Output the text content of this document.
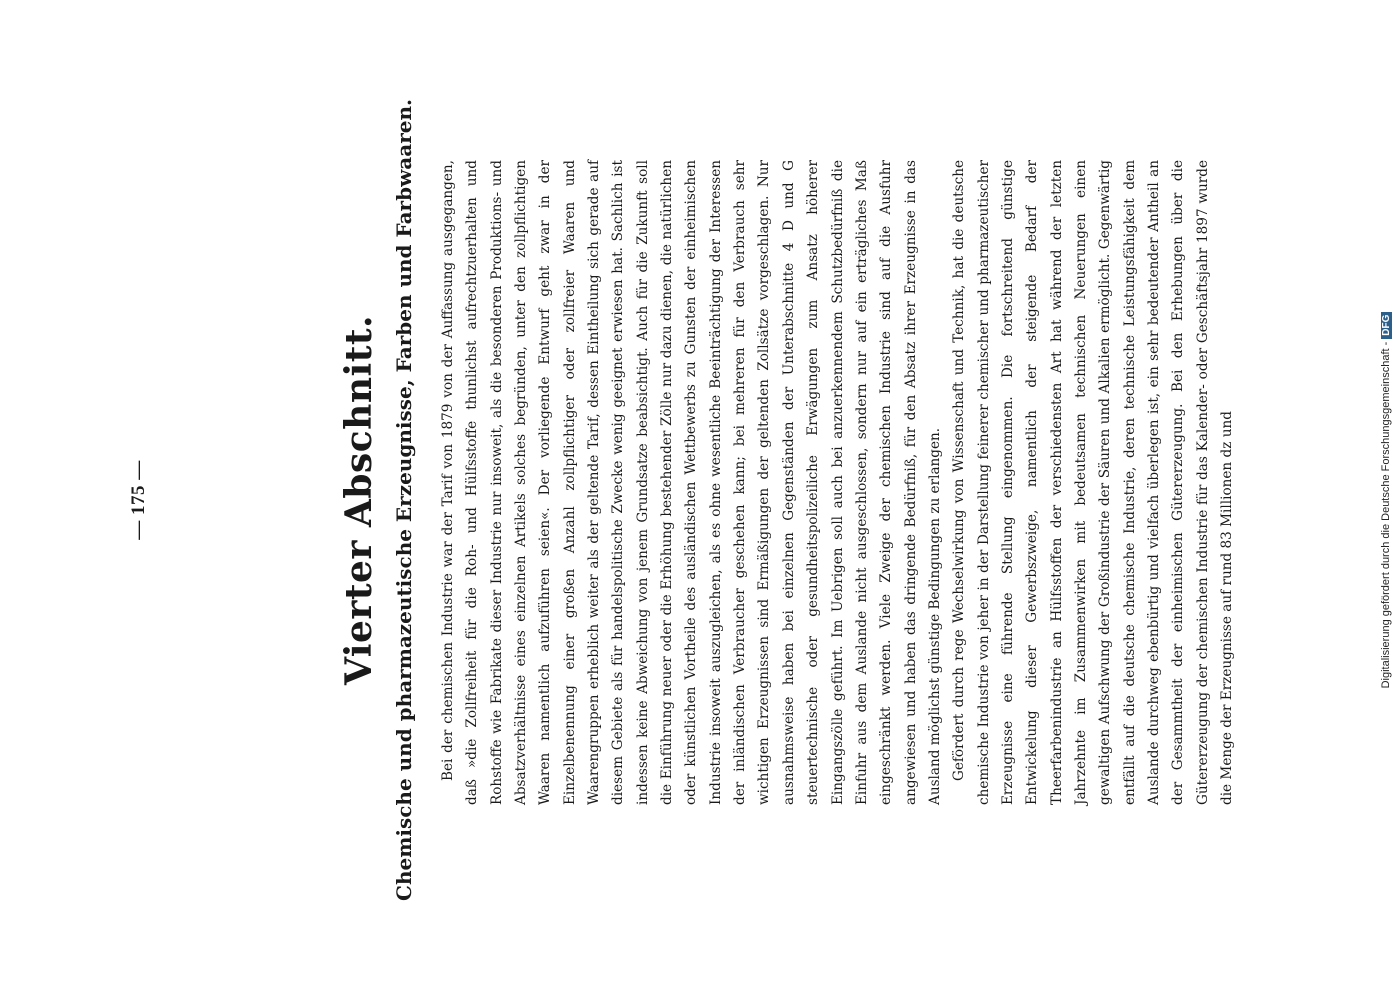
— 175 —	Vierter Abschnitt. Chemische und pharmazeutische Erzeugnisse, Farben und Farbwaaren. Bei der chemischen Industrie war der Tarif von 1879 von der Auffassung ausgegangen, daß »die Zollfreiheit für die Roh- und Hülfsstoffe thunlichst aufrechtzuerhalten und Rohstoffe wie Fabrikate dieser Industrie nur insoweit, als die besonderen Produktions- und Absatzverhältnisse eines einzelnen Artikels solches begründen, unter den zollpflichtigen Waaren namentlich aufzuführen seien«. Der vorliegende Entwurf geht zwar in der Einzelbenennung einer großen Anzahl zollpflichtiger oder zollfreier Waaren und Waarengruppen erheblich weiter als der geltende Tarif, dessen Eintheilung sich gerade auf diesem Gebiete als für handelspolitische Zwecke wenig geeignet erwiesen hat. Sachlich ist indessen keine Abweichung von jenem Grundsatze beabsichtigt. Auch für die Zukunft soll die Einführung neuer oder die Erhöhung bestehender Zölle nur dazu dienen, die natürlichen oder künstlichen Vortheile des ausländischen Wettbewerbs zu Gunsten der einheimischen Industrie insoweit auszugleichen, als es ohne wesentliche Beeinträchtigung der Interessen der inländischen Verbraucher geschehen kann; bei mehreren für den Verbrauch sehr wichtigen Erzeugnissen sind Ermäßigungen der geltenden Zollsätze vorgeschlagen. Nur ausnahmsweise haben bei einzelnen Gegenständen der Unterabschnitte 4 D und G steuertechnische oder gesundheitspolizeiliche Erwägungen zum Ansatz höherer Eingangszölle geführt. Im Uebrigen soll auch bei anzuerkennendem Schutzbedürfniß die Einfuhr aus dem Auslande nicht ausgeschlossen, sondern nur auf ein erträgliches Maß eingeschränkt werden. Viele Zweige der chemischen Industrie sind auf die Ausfuhr angewiesen und haben das dringende Bedürfniß, für den Absatz ihrer Erzeugnisse in das Ausland möglichst günstige Bedingungen zu erlangen. Gefördert durch rege Wechselwirkung von Wissenschaft und Technik, hat die deutsche chemische Industrie von jeher in der Darstellung feinerer chemischer und pharmazeutischer Erzeugnisse eine führende Stellung eingenommen. Die fortschreitend günstige Entwickelung dieser Gewerbszweige, namentlich der steigende Bedarf der Theerfarbenindustrie an Hülfsstoffen der verschiedensten Art hat während der letzten Jahrzehnte im Zusammenwirken mit bedeutsamen technischen Neuerungen einen gewaltigen Aufschwung der Großindustrie der Säuren und Alkalien ermöglicht. Gegenwärtig entfällt auf die deutsche chemische Industrie, deren technische Leistungsfähigkeit dem Auslande durchweg ebenbürtig und vielfach überlegen ist, ein sehr bedeutender Antheil an der Gesammtheit der einheimischen Gütererzeugung. Bei den Erhebungen über die Gütererzeugung der chemischen Industrie für das Kalender- oder Geschäftsjahr 1897 wurde die Menge der Erzeugnisse auf rund 83 Millionen dz und	Digitalisierung gefördert durch die Deutsche Forschungsgemeinschaft -DFG
